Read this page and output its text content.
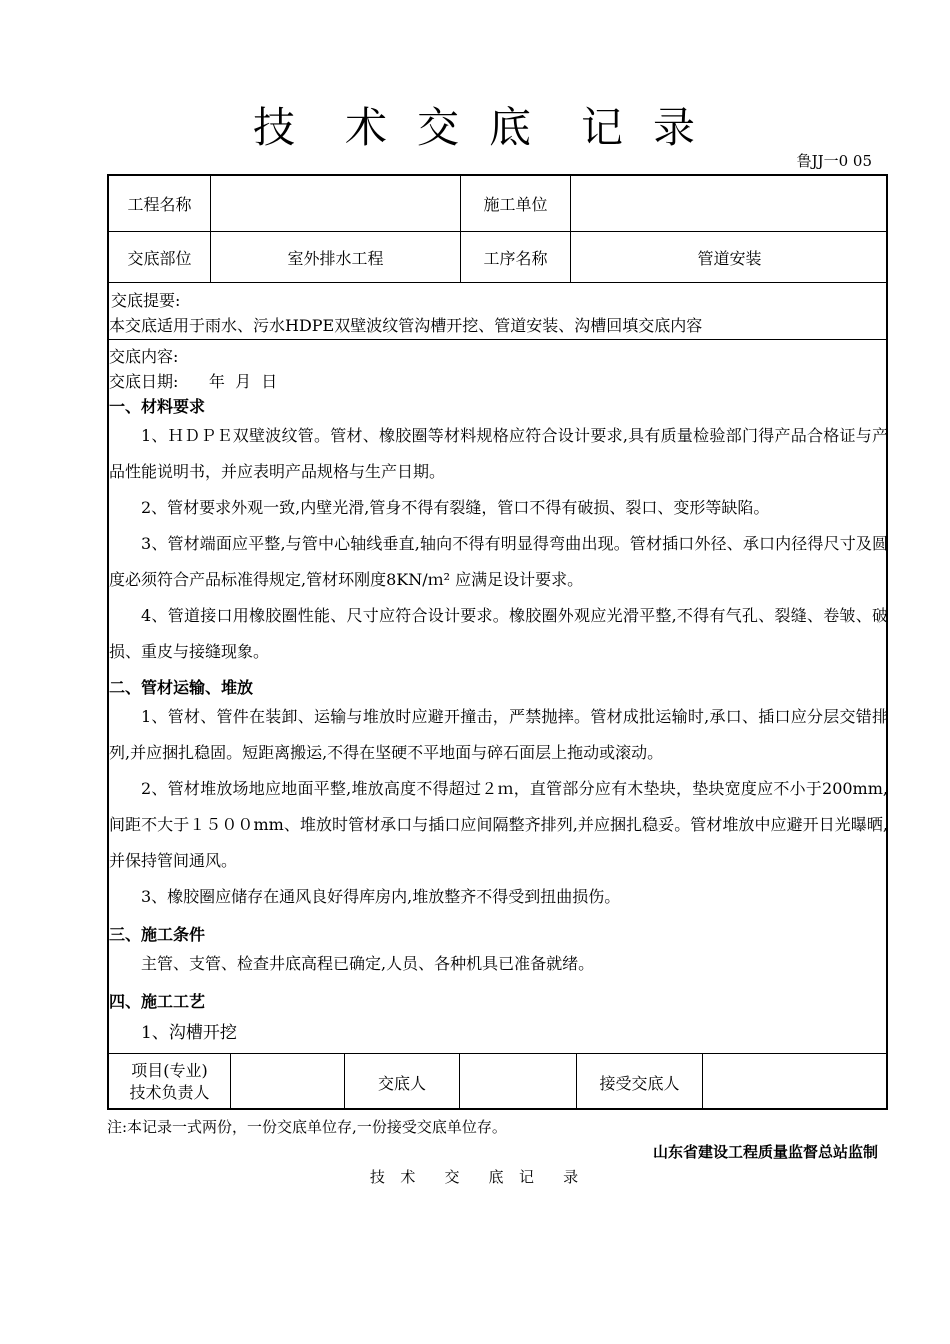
技 术 交 底 记 录
鲁JJ一0 05
工程名称	施工单位
交底部位	室外排水工程	工序名称	管道安装
交底提要:
本交底适用于雨水、污水HDPE双壁波纹管沟槽开挖、管道安装、沟槽回填交底内容
交底内容:
交底日期:      年  月  日
一、材料要求
1、ＨＤＰＥ双壁波纹管。管材、橡胶圈等材料规格应符合设计要求,具有质量检验部门得产品合格证与产品性能说明书，并应表明产品规格与生产日期。
2、管材要求外观一致,内壁光滑,管身不得有裂缝，管口不得有破损、裂口、变形等缺陷。
3、管材端面应平整,与管中心轴线垂直,轴向不得有明显得弯曲出现。管材插口外径、承口内径得尺寸及圆度必须符合产品标准得规定,管材环刚度8KN/ｍ² 应满足设计要求。
4、管道接口用橡胶圈性能、尺寸应符合设计要求。橡胶圈外观应光滑平整,不得有气孔、裂缝、卷皱、破损、重皮与接缝现象。
二、管材运输、堆放
1、管材、管件在装卸、运输与堆放时应避开撞击，严禁抛摔。管材成批运输时,承口、插口应分层交错排列,并应捆扎稳固。短距离搬运,不得在坚硬不平地面与碎石面层上拖动或滚动。
2、管材堆放场地应地面平整,堆放高度不得超过２ｍ，直管部分应有木垫块，垫块宽度应不小于200mm,间距不大于１５００mm、堆放时管材承口与插口应间隔整齐排列,并应捆扎稳妥。管材堆放中应避开日光曝晒,并保持管间通风。
3、橡胶圈应储存在通风良好得库房内,堆放整齐不得受到扭曲损伤。
三、施工条件
主管、支管、检查井底高程已确定,人员、各种机具已准备就绪。
四、施工工艺
1、沟槽开挖
项目(专业)
技术负责人	交底人	接受交底人
注:本记录一式两份，一份交底单位存,一份接受交底单位存。
山东省建设工程质量监督总站监制
技  术    交    底  记    录
